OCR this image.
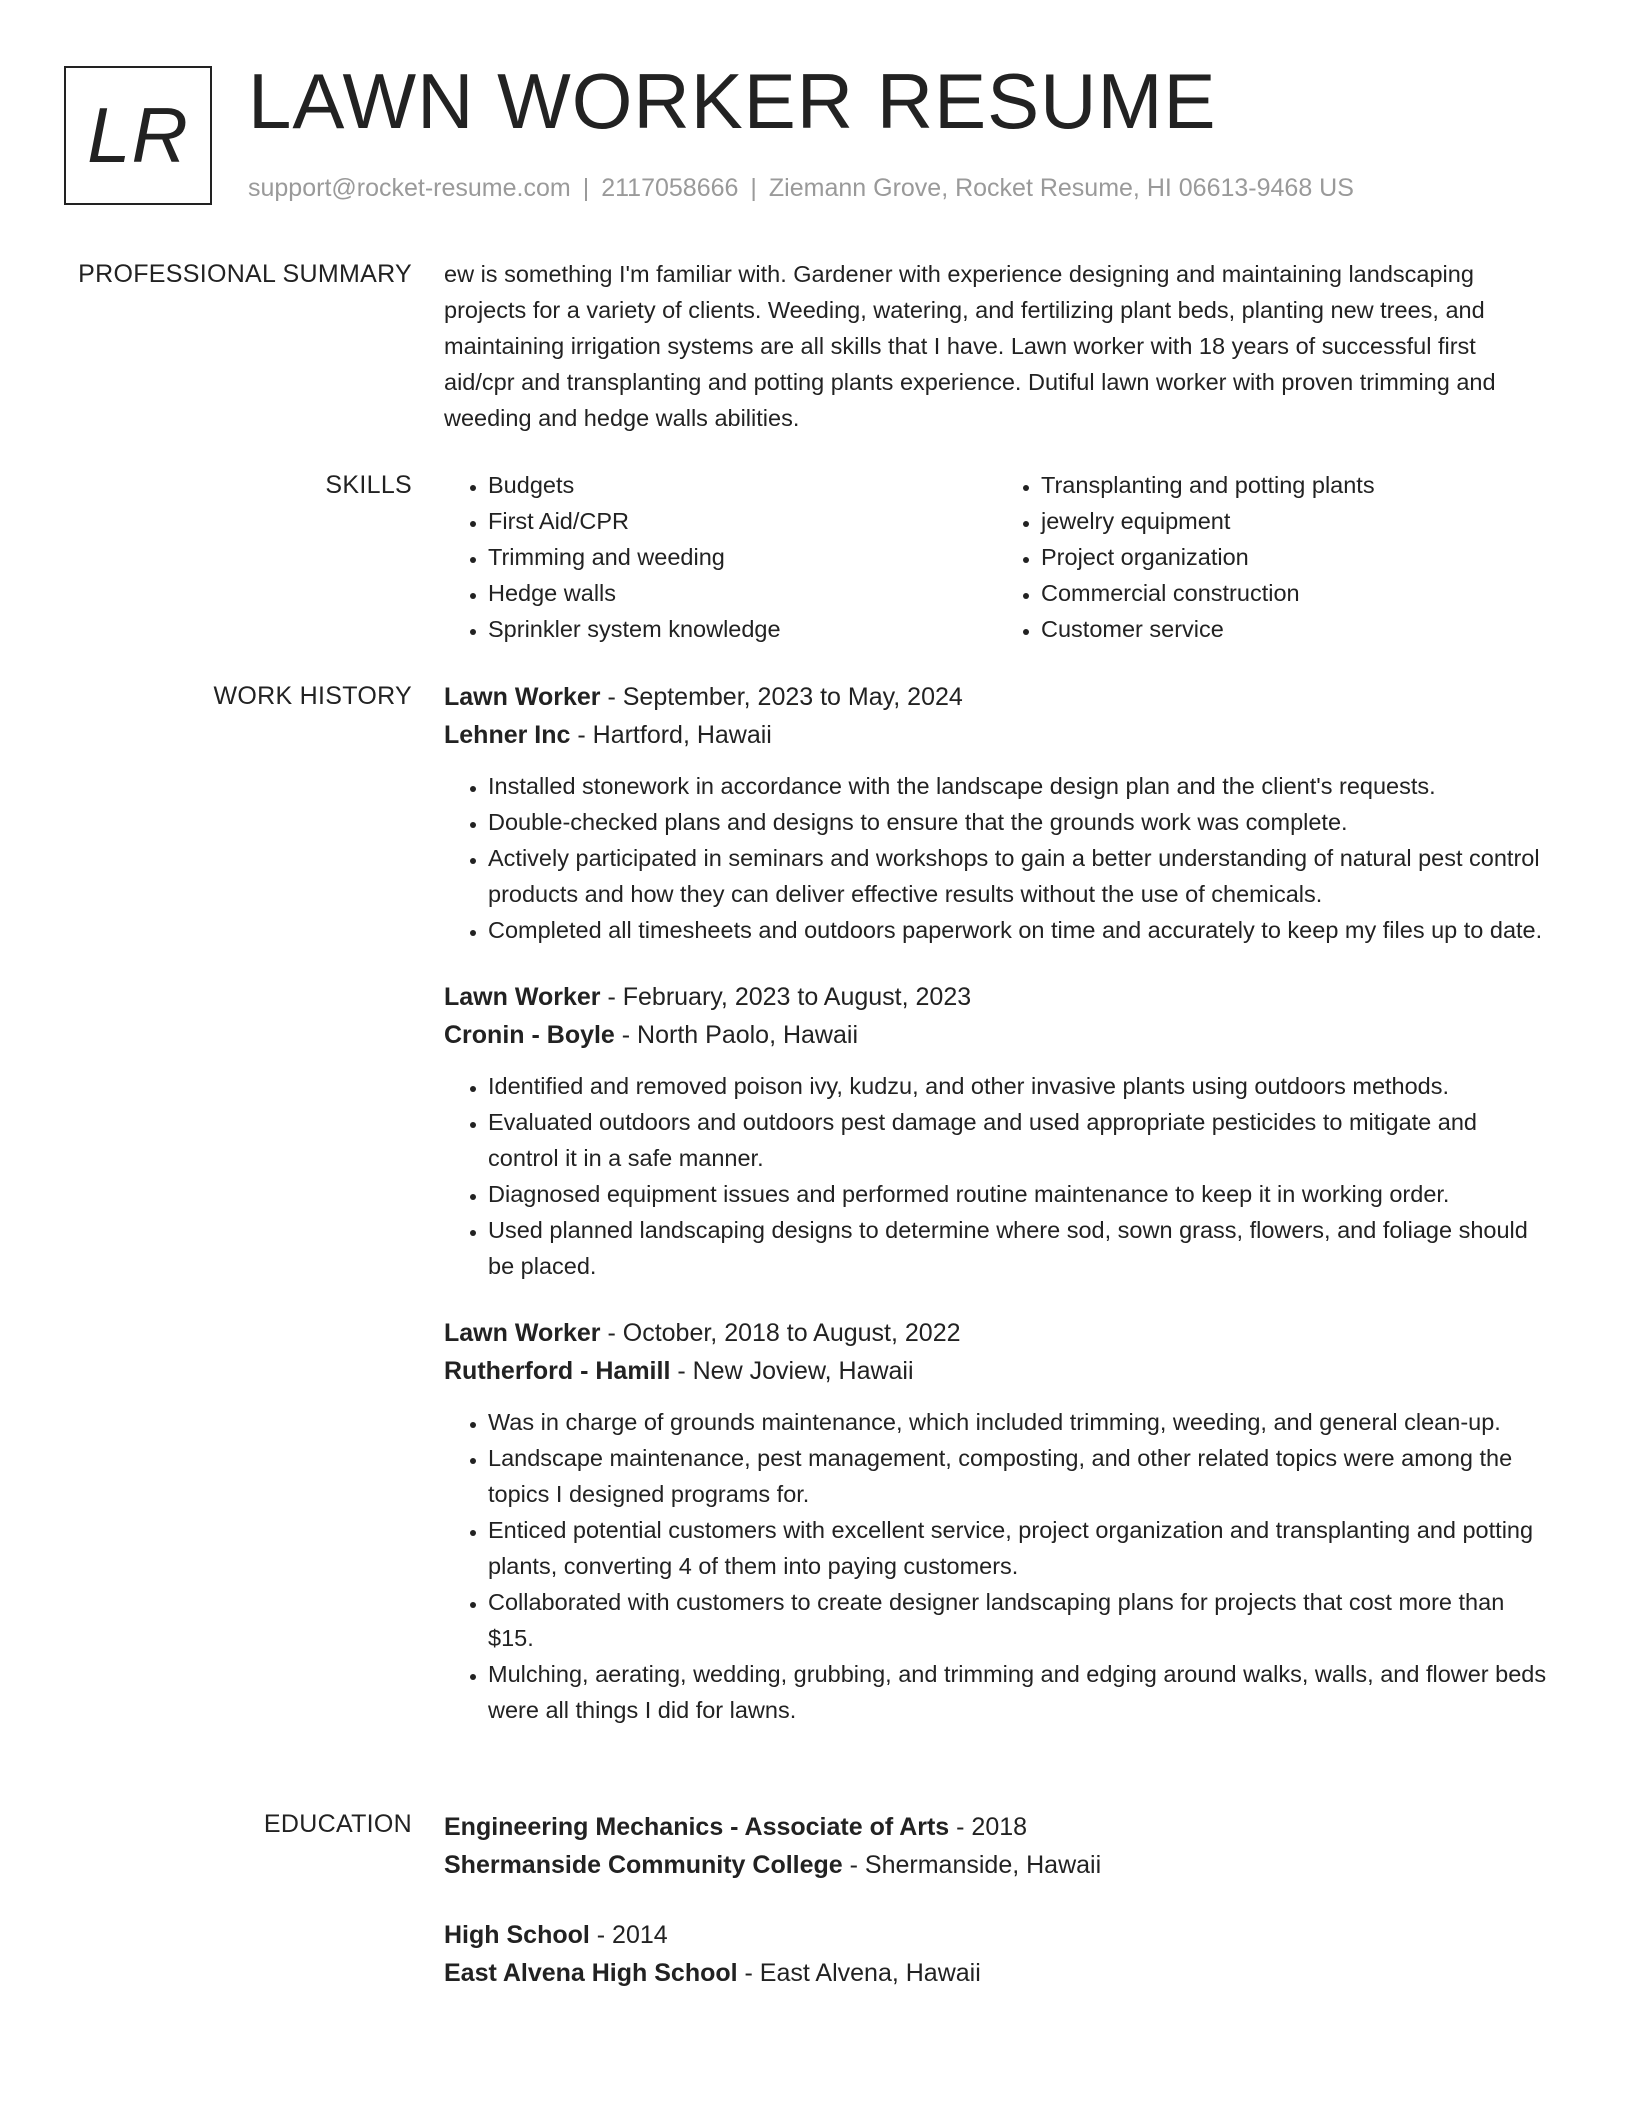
LR LAWN WORKER RESUME
support@rocket-resume.com | 2117058666 | Ziemann Grove, Rocket Resume, HI 06613-9468 US
PROFESSIONAL SUMMARY ew is something I'm familiar with. Gardener with experience designing and maintaining landscaping projects for a variety of clients. Weeding, watering, and fertilizing plant beds, planting new trees, and maintaining irrigation systems are all skills that I have. Lawn worker with 18 years of successful first aid/cpr and transplanting and potting plants experience. Dutiful lawn worker with proven trimming and weeding and hedge walls abilities.

SKILLS
•	Budgets
• First Aid/CPR
• Trimming and weeding
• Hedge walls
• Sprinkler system knowledge
• Transplanting and potting plants
• jewelry equipment
• Project organization
• Commercial construction
• Customer service
WORK HISTORY Lawn Worker - September, 2023 to May, 2024
Lehner Inc - Hartford, Hawaii
• Installed stonework in accordance with the landscape design plan and the client's requests.
• Double-checked plans and designs to ensure that the grounds work was complete.
• Actively participated in seminars and workshops to gain a better understanding of natural pest control products and how they can deliver effective results without the use of chemicals.
• Completed all timesheets and outdoors paperwork on time and accurately to keep my files up to date.
Lawn Worker - February, 2023 to August, 2023
Cronin - Boyle - North Paolo, Hawaii
• Identified and removed poison ivy, kudzu, and other invasive plants using outdoors methods.
• Evaluated outdoors and outdoors pest damage and used appropriate pesticides to mitigate and control it in a safe manner.
• Diagnosed equipment issues and performed routine maintenance to keep it in working order.
• Used planned landscaping designs to determine where sod, sown grass, flowers, and foliage should be placed.
Lawn Worker - October, 2018 to August, 2022
Rutherford - Hamill - New Joview, Hawaii
• Was in charge of grounds maintenance, which included trimming, weeding, and general clean-up.
• Landscape maintenance, pest management, composting, and other related topics were among the topics I designed programs for.
• Enticed potential customers with excellent service, project organization and transplanting and potting plants, converting 4 of them into paying customers.
• Collaborated with customers to create designer landscaping plans for projects that cost more than $15.
• Mulching, aerating, wedding, grubbing, and trimming and edging around walks, walls, and flower beds were all things I did for lawns.
EDUCATION Engineering Mechanics - Associate of Arts - 2018
Shermanside Community College - Shermanside, Hawaii
High School - 2014
East Alvena High School - East Alvena, Hawaii
